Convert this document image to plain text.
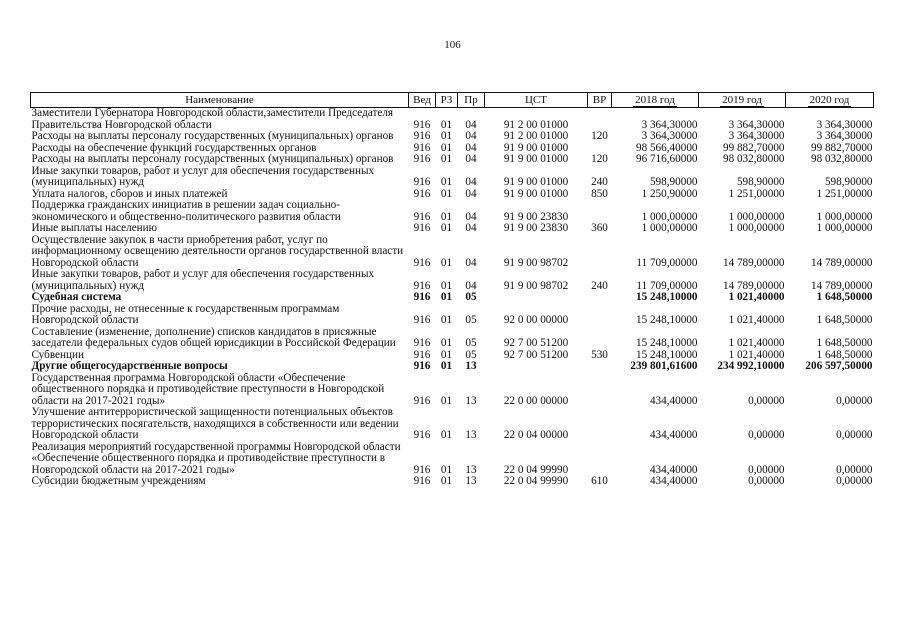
106
Наименование	Вед	РЗ	Пр	ЦСТ	ВР	2018 год	2019 год	2020 год
Заместители Губернатора Новгородской области,заместители Председателя Правительства Новгородской области	916	01	04	91 2 00 01000		3 364,30000	3 364,30000	3 364,30000
Расходы на выплаты персоналу государственных (муниципальных) органов	916	01	04	91 2 00 01000	120	3 364,30000	3 364,30000	3 364,30000
Расходы на обеспечение функций государственных органов	916	01	04	91 9 00 01000		98 566,40000	99 882,70000	99 882,70000
Расходы на выплаты персоналу государственных (муниципальных) органов	916	01	04	91 9 00 01000	120	96 716,60000	98 032,80000	98 032,80000
Иные закупки товаров, работ и услуг для обеспечения государственных (муниципальных) нужд	916	01	04	91 9 00 01000	240	598,90000	598,90000	598,90000
Уплата налогов, сборов и иных платежей	916	01	04	91 9 00 01000	850	1 250,90000	1 251,00000	1 251,00000
Поддержка гражданских инициатив в решении задач социально-экономического и общественно-политического развития области	916	01	04	91 9 00 23830		1 000,00000	1 000,00000	1 000,00000
Иные выплаты населению	916	01	04	91 9 00 23830	360	1 000,00000	1 000,00000	1 000,00000
Осуществление закупок в части приобретения работ, услуг по информационному освещению деятельности органов государственной власти Новгородской области	916	01	04	91 9 00 98702		11 709,00000	14 789,00000	14 789,00000
Иные закупки товаров, работ и услуг для обеспечения государственных (муниципальных) нужд	916	01	04	91 9 00 98702	240	11 709,00000	14 789,00000	14 789,00000
Судебная система	916	01	05			15 248,10000	1 021,40000	1 648,50000
Прочие расходы, не отнесенные к государственным программам Новгородской области	916	01	05	92 0 00 00000		15 248,10000	1 021,40000	1 648,50000
Составление (изменение, дополнение) списков кандидатов в присяжные заседатели федеральных судов общей юрисдикции в Российской Федерации	916	01	05	92 7 00 51200		15 248,10000	1 021,40000	1 648,50000
Субвенции	916	01	05	92 7 00 51200	530	15 248,10000	1 021,40000	1 648,50000
Другие общегосударственные вопросы	916	01	13			239 801,61600	234 992,10000	206 597,50000
Государственная программа Новгородской области «Обеспечение общественного порядка и противодействие преступности в Новгородской области на 2017-2021 годы»	916	01	13	22 0 00 00000		434,40000	0,00000	0,00000
Улучшение антитеррористической защищенности потенциальных объектов террористических посягательств, находящихся в собственности или ведении Новгородской области	916	01	13	22 0 04 00000		434,40000	0,00000	0,00000
Реализация мероприятий государственной программы Новгородской области «Обеспечение общественного порядка и противодействие преступности в Новгородской области на 2017-2021 годы»	916	01	13	22 0 04 99990		434,40000	0,00000	0,00000
Субсидии бюджетным учреждениям	916	01	13	22 0 04 99990	610	434,40000	0,00000	0,00000
